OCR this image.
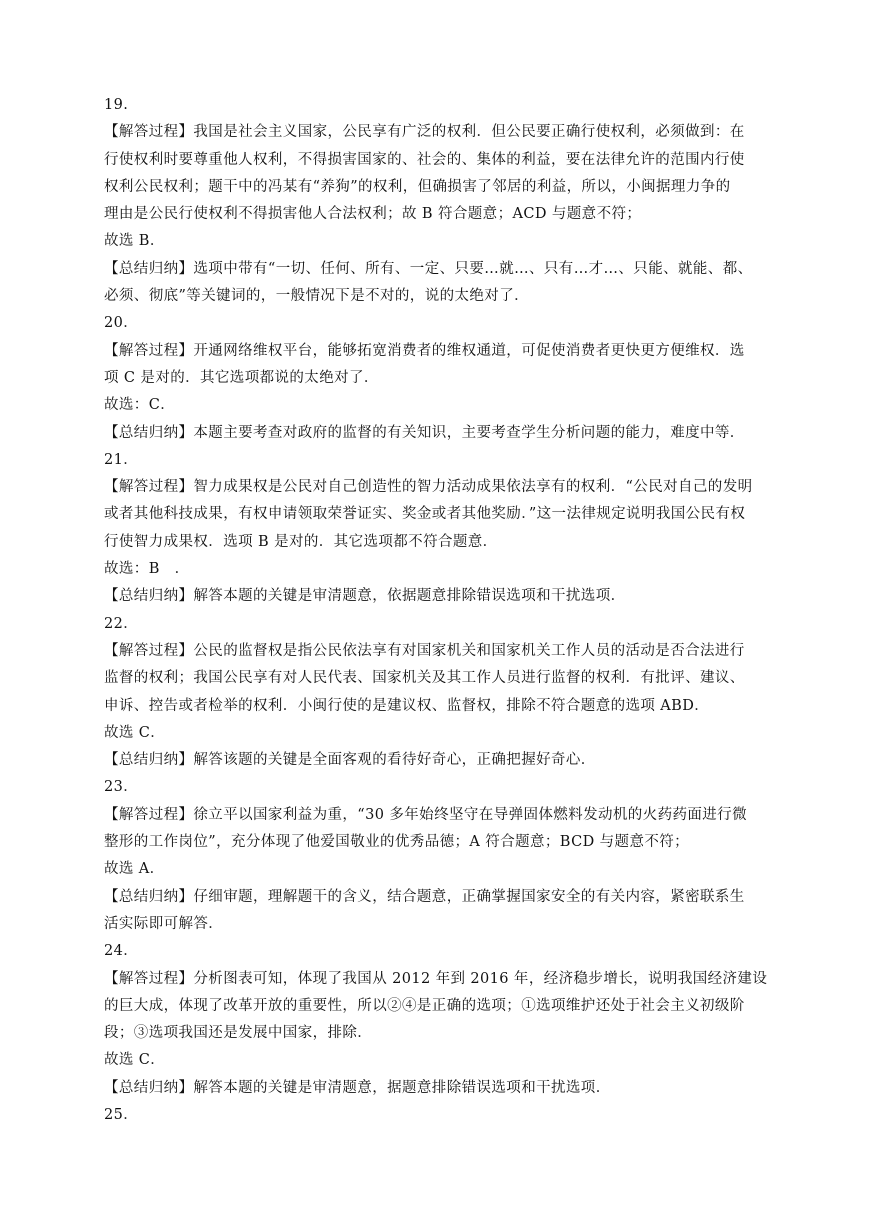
19.
【解答过程】我国是社会主义国家，公民享有广泛的权利．但公民要正确行使权利，必须做到：在
行使权利时要尊重他人权利，不得损害国家的、社会的、集体的利益，要在法律允许的范围内行使
权利公民权利；题干中的冯某有“养狗”的权利，但确损害了邻居的利益，所以，小闽据理力争的
理由是公民行使权利不得损害他人合法权利；故 B 符合题意；ACD 与题意不符；
故选 B．
【总结归纳】选项中带有“一切、任何、所有、一定、只要…就…、只有…才…、只能、就能、都、
必须、彻底”等关键词的，一般情况下是不对的，说的太绝对了．
20．
【解答过程】开通网络维权平台，能够拓宽消费者的维权通道，可促使消费者更快更方便维权．选
项 C 是对的．其它选项都说的太绝对了．
故选：C．
【总结归纳】本题主要考查对政府的监督的有关知识，主要考查学生分析问题的能力，难度中等．
21．
【解答过程】智力成果权是公民对自己创造性的智力活动成果依法享有的权利．“公民对自己的发明
或者其他科技成果，有权申请领取荣誉证实、奖金或者其他奖励．”这一法律规定说明我国公民有权
行使智力成果权．选项 B 是对的．其它选项都不符合题意．
故选：B　．
【总结归纳】解答本题的关键是审清题意，依据题意排除错误选项和干扰选项．
22．
【解答过程】公民的监督权是指公民依法享有对国家机关和国家机关工作人员的活动是否合法进行
监督的权利；我国公民享有对人民代表、国家机关及其工作人员进行监督的权利．有批评、建议、
申诉、控告或者检举的权利．小闽行使的是建议权、监督权，排除不符合题意的选项 ABD．
故选 C．
【总结归纳】解答该题的关键是全面客观的看待好奇心，正确把握好奇心．
23．
【解答过程】徐立平以国家利益为重，“30 多年始终坚守在导弹固体燃料发动机的火药药面进行微
整形的工作岗位”，充分体现了他爱国敬业的优秀品德；A 符合题意；BCD 与题意不符；
故选 A．
【总结归纳】仔细审题，理解题干的含义，结合题意，正确掌握国家安全的有关内容，紧密联系生
活实际即可解答．
24．
【解答过程】分析图表可知，体现了我国从 2012 年到 2016 年，经济稳步增长，说明我国经济建设
的巨大成，体现了改革开放的重要性，所以②④是正确的选项；①选项维护还处于社会主义初级阶
段；③选项我国还是发展中国家，排除．
故选 C．
【总结归纳】解答本题的关键是审清题意，据题意排除错误选项和干扰选项．
25．
